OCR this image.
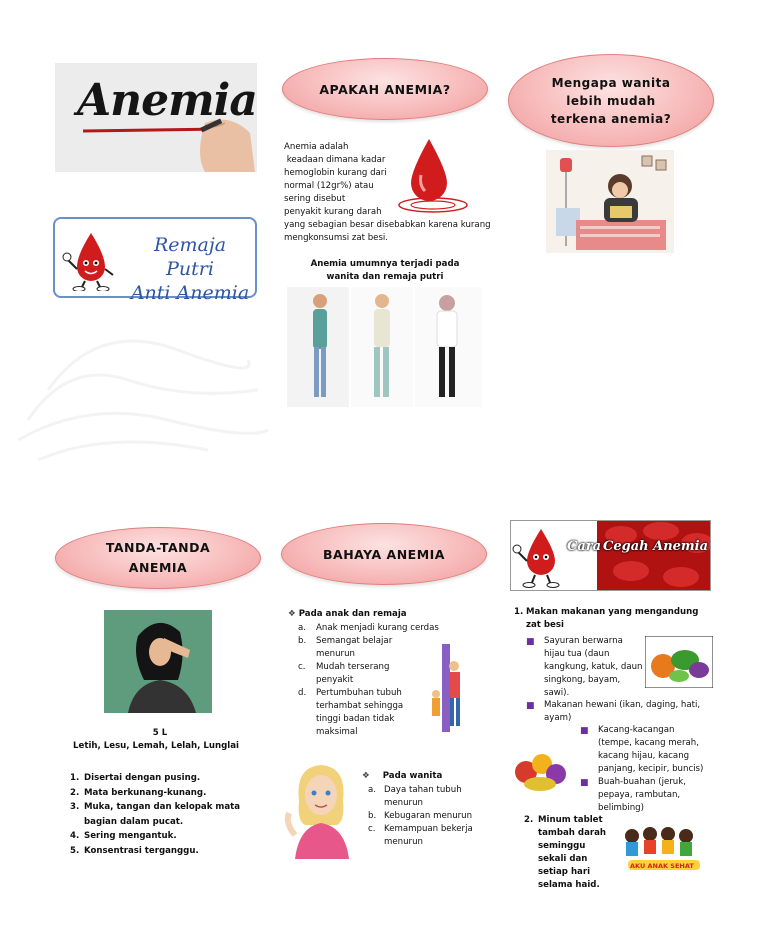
Anemia
Remaja Putri
Anti Anemia
APAKAH ANEMIA?
Anemia adalah
keadaan dimana kadar
hemoglobin kurang dari
normal (12gr%) atau
sering disebut
penyakit kurang darah
yang sebagian besar disebabkan karena kurang
mengkonsumsi zat besi.
Anemia umumnya terjadi pada
wanita dan remaja putri
Mengapa wanita lebih mudah terkena anemia?
TANDA-TANDA ANEMIA
5 L
Letih, Lesu, Lemah, Lelah, Lunglai
1. Disertai dengan pusing.
2. Mata berkunang-kunang.
3. Muka, tangan dan kelopak mata bagian dalam pucat.
4. Sering mengantuk.
5. Konsentrasi terganggu.
BAHAYA ANEMIA
❖ Pada anak dan remaja
a. Anak menjadi kurang cerdas
b. Semangat belajar menurun
c. Mudah terserang penyakit
d. Pertumbuhan tubuh terhambat sehingga tinggi badan tidak maksimal
❖ Pada wanita
a. Daya tahan tubuh menurun
b. Kebugaran menurun
c. Kemampuan bekerja menurun
Cara Cegah Anemia
1. Makan makanan yang mengandung zat besi
■ Sayuran berwarna hijau tua (daun kangkung, katuk, daun singkong, bayam, sawi).
■ Makanan hewani (ikan, daging, hati, ayam)
■ Kacang-kacangan (tempe, kacang merah, kacang hijau, kacang panjang, kecipir, buncis)
■ Buah-buahan (jeruk, pepaya, rambutan, belimbing)
2. Minum tablet tambah darah seminggu sekali dan setiap hari selama haid.
AKU ANAK SEHAT
